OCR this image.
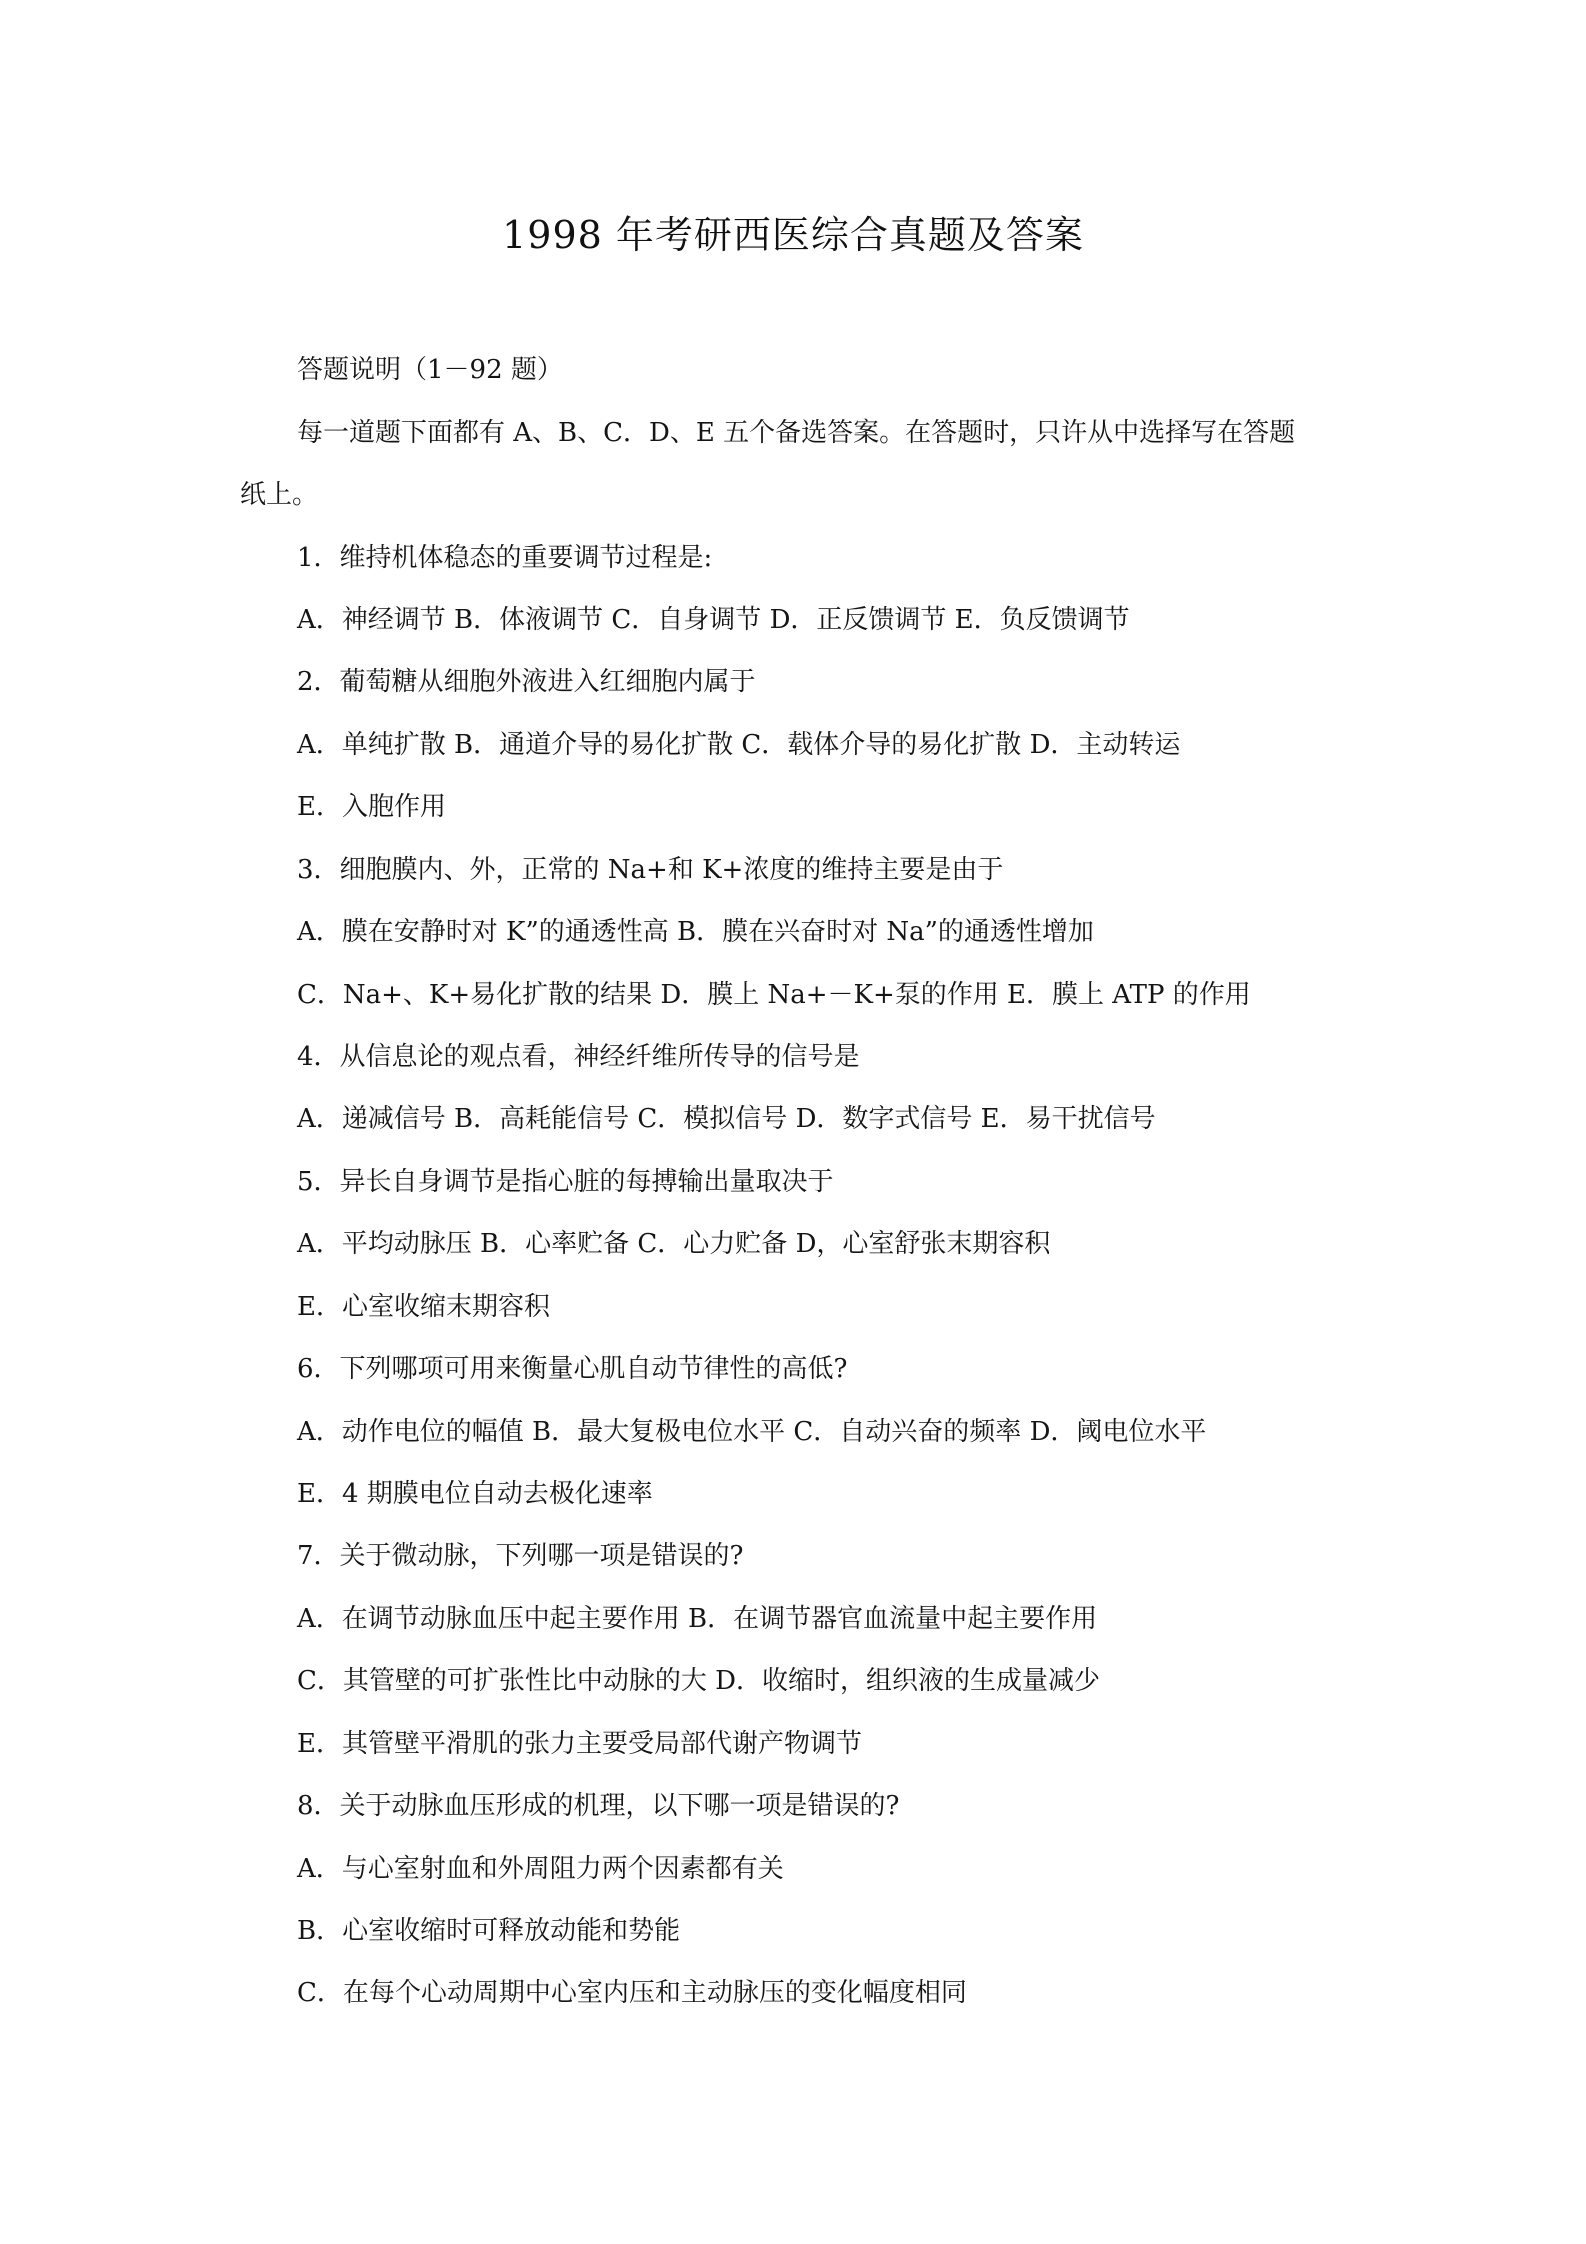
1998 年考研西医综合真题及答案
答题说明（1－92 题）
每一道题下面都有 A、B、C．D、E 五个备选答案。在答题时，只许从中选择写在答题
纸上。
1．维持机体稳态的重要调节过程是:
A．神经调节 B．体液调节 C．自身调节 D．正反馈调节 E．负反馈调节
2．葡萄糖从细胞外液进入红细胞内属于
A．单纯扩散 B．通道介导的易化扩散 C．载体介导的易化扩散 D．主动转运
E．入胞作用
3．细胞膜内、外，正常的 Na+和 K+浓度的维持主要是由于
A．膜在安静时对 K”的通透性高 B．膜在兴奋时对 Na”的通透性增加
C．Na+、K+易化扩散的结果 D．膜上 Na+－K+泵的作用 E．膜上 ATP 的作用
4．从信息论的观点看，神经纤维所传导的信号是
A．递减信号 B．高耗能信号 C．模拟信号 D．数字式信号 E．易干扰信号
5．异长自身调节是指心脏的每搏输出量取决于
A．平均动脉压 B．心率贮备 C．心力贮备 D，心室舒张末期容积
E．心室收缩末期容积
6．下列哪项可用来衡量心肌自动节律性的高低?
A．动作电位的幅值 B．最大复极电位水平 C．自动兴奋的频率 D．阈电位水平
E．4 期膜电位自动去极化速率
7．关于微动脉，下列哪一项是错误的?
A．在调节动脉血压中起主要作用 B．在调节器官血流量中起主要作用
C．其管壁的可扩张性比中动脉的大 D．收缩时，组织液的生成量减少
E．其管壁平滑肌的张力主要受局部代谢产物调节
8．关于动脉血压形成的机理，以下哪一项是错误的?
A．与心室射血和外周阻力两个因素都有关
B．心室收缩时可释放动能和势能
C．在每个心动周期中心室内压和主动脉压的变化幅度相同
